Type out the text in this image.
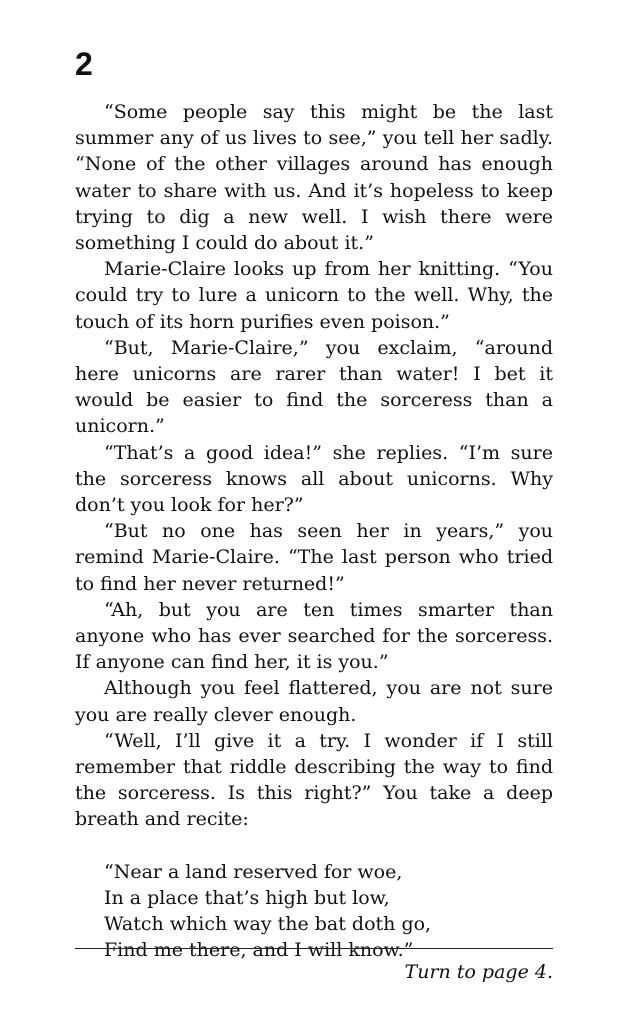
2

“Some people say this might be the last summer any of us lives to see,” you tell her sadly. “None of the other villages around has enough water to share with us. And it’s hopeless to keep trying to dig a new well. I wish there were something I could do about it.”

Marie-Claire looks up from her knitting. “You could try to lure a unicorn to the well. Why, the touch of its horn purifies even poison.”

“But, Marie-Claire,” you exclaim, “around here unicorns are rarer than water! I bet it would be easier to find the sorceress than a unicorn.”

“That’s a good idea!” she replies. “I’m sure the sorceress knows all about unicorns. Why don’t you look for her?”

“But no one has seen her in years,” you remind Marie-Claire. “The last person who tried to find her never returned!”

“Ah, but you are ten times smarter than anyone who has ever searched for the sorceress. If anyone can find her, it is you.”

Although you feel flattered, you are not sure you are really clever enough.

“Well, I’ll give it a try. I wonder if I still remember that riddle describing the way to find the sorceress. Is this right?” You take a deep breath and recite:

“Near a land reserved for woe,
In a place that’s high but low,
Watch which way the bat doth go,
Find me there, and I will know.”
Turn to page 4.
